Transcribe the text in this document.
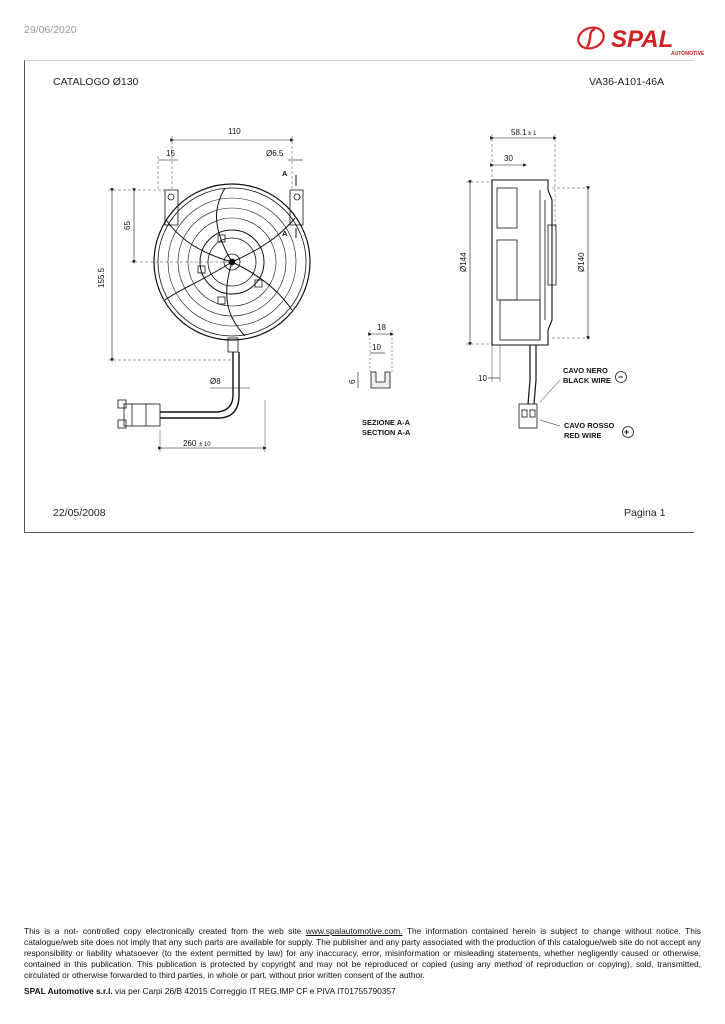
29/06/2020	SPAL
AUTOMOTIVE
CATALOGO Ø130	VA36-A101-46A
22/05/2008	Pagina 1
110
15	Ø6.5
A
A
155.5
65
Ø8
260 ± 10
18
10
6
SEZIONE A-A
SECTION A-A
58.1 ± 1
30
Ø144	Ø140
10
CAVO NERO
BLACK WIRE −
CAVO ROSSO
RED WIRE	+
This is a not- controlled copy electronically created from the web site www.spalautomotive.com. The information contained herein is subject to change without notice. This catalogue/web site does not imply that any such parts are available for supply. The publisher and any party associated with the production of this catalogue/web site do not accept any responsibility or liability whatsoever (to the extent permitted by law) for any inaccuracy, error, misinformation or misleading statements, whether negligently caused or otherwise, contained in this publication. This publication is protected by copyright and may not be reproduced or copied (using any method of reproduction or copying), sold, transmitted, circulated or otherwise forwarded to third parties, in whole or part, without prior written consent of the author.
SPAL Automotive s.r.l. via per Carpi 26/B 42015 Correggio IT REG.IMP CF e PIVA IT01755790357
